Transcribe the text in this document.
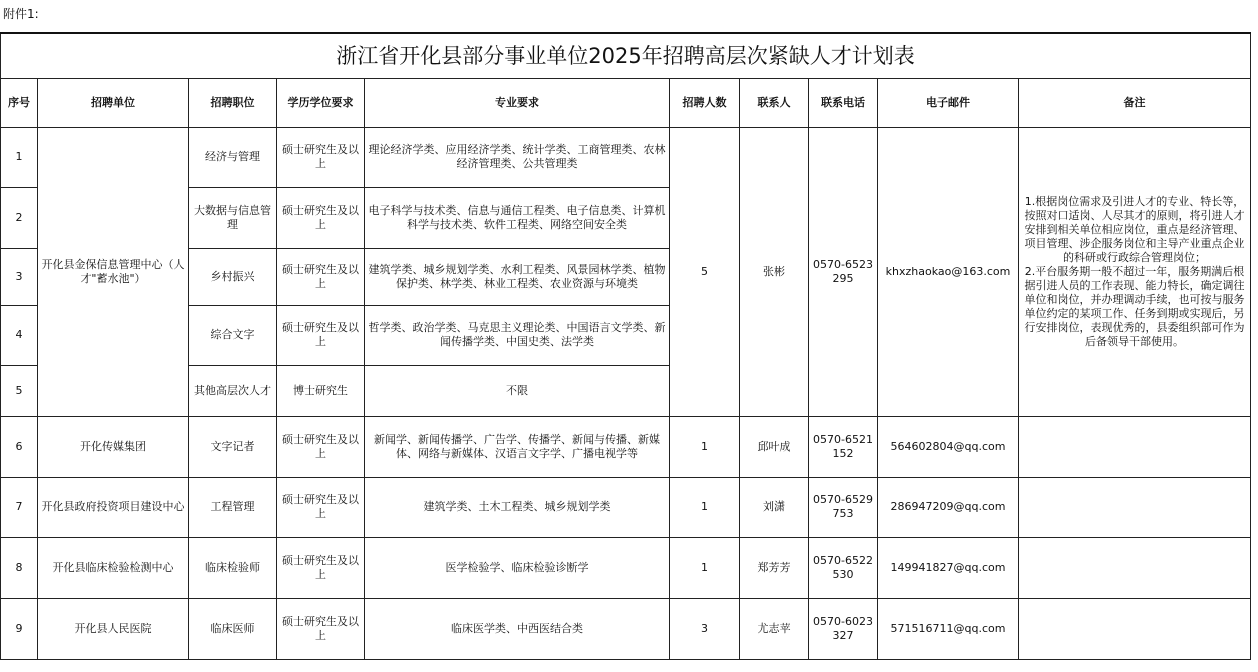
附件1:
浙江省开化县部分事业单位2025年招聘高层次紧缺人才计划表									
序号	招聘单位	招聘职位	学历学位要求	专业要求	招聘人数	联系人	联系电话	电子邮件	备注
1	开化县金保信息管理中心（人才"蓄水池"）	经济与管理	硕士研究生及以上	理论经济学类、应用经济学类、统计学类、工商管理类、农林经济管理类、公共管理类	5	张彬	0570-6523295	khxzhaokao@163.com	1.根据岗位需求及引进人才的专业、特长等，按照对口适岗、人尽其才的原则，将引进人才安排到相关单位相应岗位，重点是经济管理、项目管理、涉企服务岗位和主导产业重点企业的科研或行政综合管理岗位；
2.平台服务期一般不超过一年，服务期满后根据引进人员的工作表现、能力特长，确定调往单位和岗位，并办理调动手续，也可按与服务单位约定的某项工作、任务到期或实现后，另行安排岗位，表现优秀的，县委组织部可作为后备领导干部使用。
2		大数据与信息管理	硕士研究生及以上	电子科学与技术类、信息与通信工程类、电子信息类、计算机科学与技术类、软件工程类、网络空间安全类					
3		乡村振兴	硕士研究生及以上	建筑学类、城乡规划学类、水利工程类、风景园林学类、植物保护类、林学类、林业工程类、农业资源与环境类					
4		综合文字	硕士研究生及以上	哲学类、政治学类、马克思主义理论类、中国语言文学类、新闻传播学类、中国史类、法学类					
5		其他高层次人才	博士研究生	不限					
6	开化传媒集团	文字记者	硕士研究生及以上	新闻学、新闻传播学、广告学、传播学、新闻与传播、新媒体、网络与新媒体、汉语言文字学、广播电视学等	1	邱叶成	0570-6521152	564602804@qq.com	
7	开化县政府投资项目建设中心	工程管理	硕士研究生及以上	建筑学类、土木工程类、城乡规划学类	1	刘潇	0570-6529753	286947209@qq.com	
8	开化县临床检验检测中心	临床检验师	硕士研究生及以上	医学检验学、临床检验诊断学	1	郑芳芳	0570-6522530	149941827@qq.com	
9	开化县人民医院	临床医师	硕士研究生及以上	临床医学类、中西医结合类	3	尤志苹	0570-6023327	571516711@qq.com	
